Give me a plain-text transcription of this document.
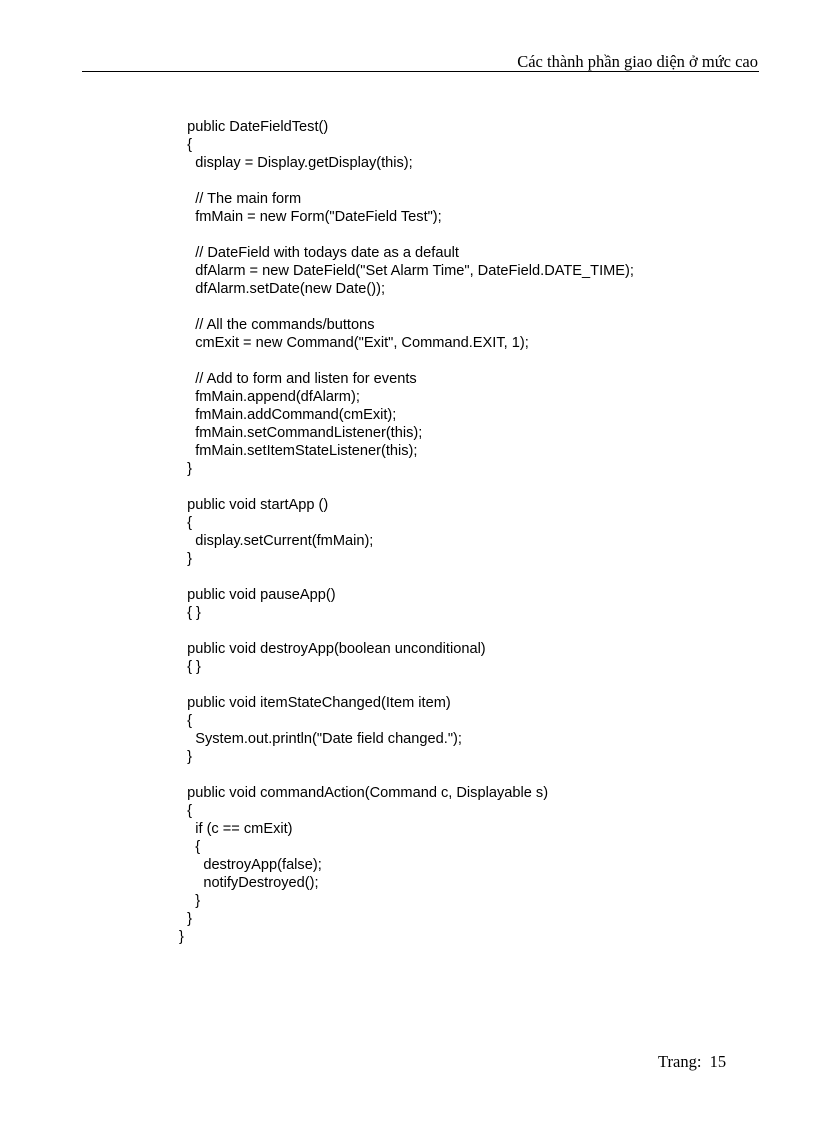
Các thành phần giao diện ở mức cao
public DateFieldTest()
{
display = Display.getDisplay(this);
// The main form
fmMain = new Form("DateField Test");
// DateField with todays date as a default
dfAlarm = new DateField("Set Alarm Time", DateField.DATE_TIME);
dfAlarm.setDate(new Date());
// All the commands/buttons
cmExit = new Command("Exit", Command.EXIT, 1);
// Add to form and listen for events
fmMain.append(dfAlarm);
fmMain.addCommand(cmExit);
fmMain.setCommandListener(this);
fmMain.setItemStateListener(this);
}
public void startApp ()
{
display.setCurrent(fmMain);
}
public void pauseApp()
{ }
public void destroyApp(boolean unconditional)
{ }
public void itemStateChanged(Item item)
{
System.out.println("Date field changed.");
}
public void commandAction(Command c, Displayable s)
{
if (c == cmExit)
{
destroyApp(false);
notifyDestroyed();
}
}
}
Trang: 15
